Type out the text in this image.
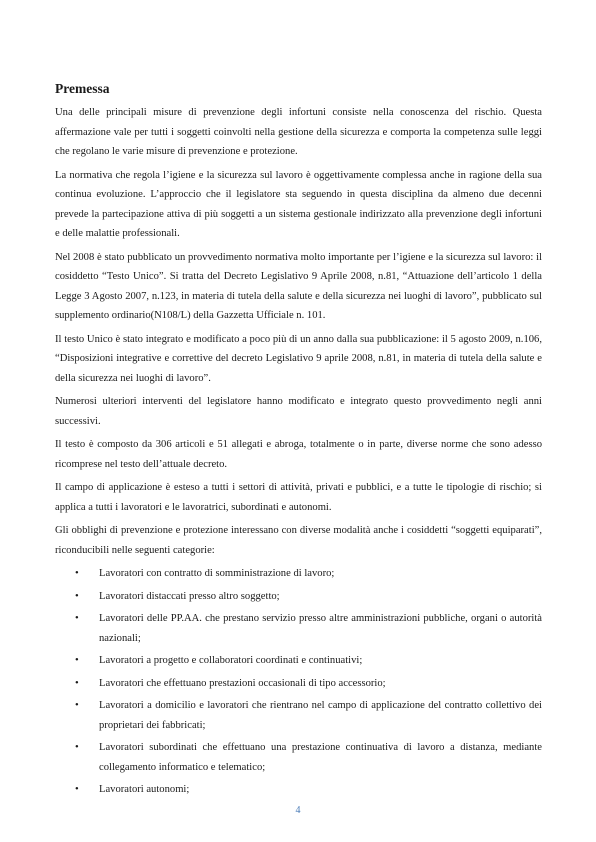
Premessa

Una delle principali misure di prevenzione degli infortuni consiste nella conoscenza del rischio. Questa affermazione vale per tutti i soggetti coinvolti nella gestione della sicurezza e comporta la competenza sulle leggi che regolano le varie misure di prevenzione e protezione.

La normativa che regola l’igiene e la sicurezza sul lavoro è oggettivamente complessa anche in ragione della sua continua evoluzione. L’approccio che il legislatore sta seguendo in questa disciplina da almeno due decenni prevede la partecipazione attiva di più soggetti a un sistema gestionale indirizzato alla prevenzione degli infortuni e delle malattie professionali.

Nel 2008 è stato pubblicato un provvedimento normativa molto importante per l’igiene e la sicurezza sul lavoro: il cosiddetto “Testo Unico”. Si tratta del Decreto Legislativo 9 Aprile 2008, n.81, “Attuazione dell’articolo 1 della Legge 3 Agosto 2007, n.123, in materia di tutela della salute e della sicurezza nei luoghi di lavoro”, pubblicato sul supplemento ordinario(N108/L) della Gazzetta Ufficiale n. 101.

Il testo Unico è stato integrato e modificato a poco più di un anno dalla sua pubblicazione: il 5 agosto 2009, n.106, “Disposizioni integrative e correttive del decreto Legislativo 9 aprile 2008, n.81, in materia di tutela della salute e della sicurezza nei luoghi di lavoro”.

Numerosi ulteriori interventi del legislatore hanno modificato e integrato questo provvedimento negli anni successivi.

Il testo è composto da 306 articoli e 51 allegati e abroga, totalmente o in parte, diverse norme che sono adesso ricomprese nel testo dell’attuale decreto.

Il campo di applicazione è esteso a tutti i settori di attività, privati e pubblici, e a tutte le tipologie di rischio; si applica a tutti i lavoratori e le lavoratrici, subordinati e autonomi.

Gli obblighi di prevenzione e protezione interessano con diverse modalità anche i cosiddetti “soggetti equiparati”, riconducibili nelle seguenti categorie:

• Lavoratori con contratto di somministrazione di lavoro;
• Lavoratori distaccati presso altro soggetto;
• Lavoratori delle PP.AA. che prestano servizio presso altre amministrazioni pubbliche, organi o autorità nazionali;
• Lavoratori a progetto e collaboratori coordinati e continuativi;
• Lavoratori che effettuano prestazioni occasionali di tipo accessorio;
• Lavoratori a domicilio e lavoratori che rientrano nel campo di applicazione del contratto collettivo dei proprietari dei fabbricati;
• Lavoratori subordinati che effettuano una prestazione continuativa di lavoro a distanza, mediante collegamento informatico e telematico;
• Lavoratori autonomi;
4
